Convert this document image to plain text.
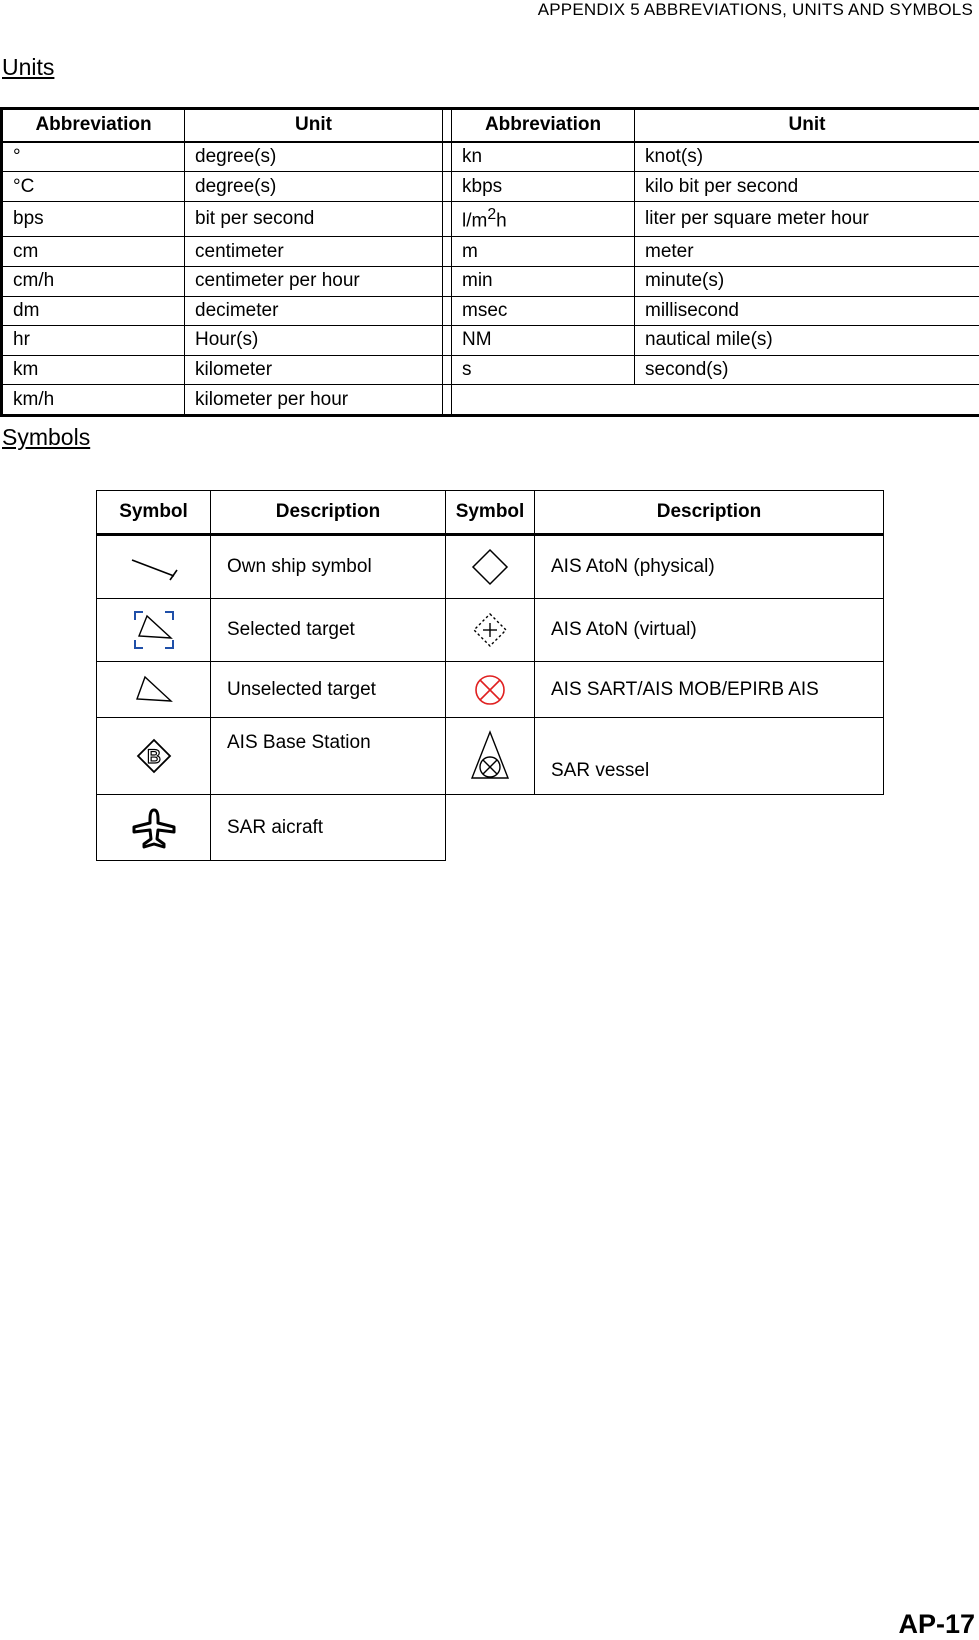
APPENDIX 5 ABBREVIATIONS, UNITS AND SYMBOLS
Units
Abbreviation	Unit		Abbreviation	Unit
°	degree(s)		kn	knot(s)
°C	degree(s)		kbps	kilo bit per second
bps	bit per second		$l/m^2h$	liter per square meter hour
cm	centimeter		m	meter
cm/h	centimeter per hour		min	minute(s)
dm	decimeter		msec	millisecond
hr	Hour(s)		NM	nautical mile(s)
km	kilometer		s	second(s)
km/h	kilometer per hour			
Symbols
Symbol	Description	Symbol	Description

	Own ship symbol		AIS AtoN (physical)

	Selected target		AIS AtoN (virtual)

	Unselected target		AIS SART/AIS MOB/EPIRB AIS

B	AIS Base Station		SAR vessel

	SAR aicraft		
AP-17
